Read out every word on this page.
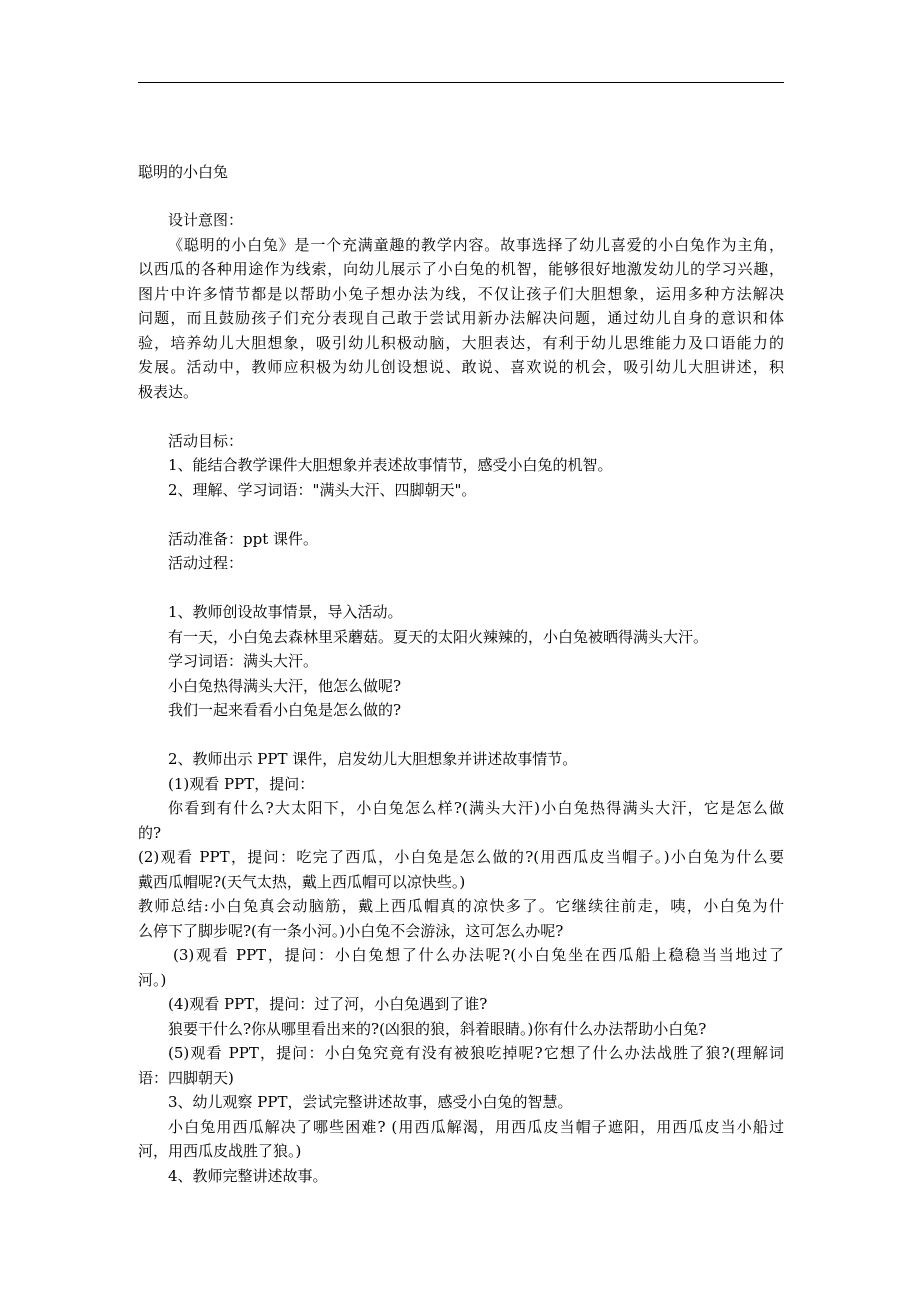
聪明的小白兔
设计意图：
《聪明的小白兔》是一个充满童趣的教学内容。故事选择了幼儿喜爱的小白兔作为主角，
以西瓜的各种用途作为线索，向幼儿展示了小白兔的机智，能够很好地激发幼儿的学习兴趣，
图片中许多情节都是以帮助小兔子想办法为线，不仅让孩子们大胆想象，运用多种方法解决
问题，而且鼓励孩子们充分表现自己敢于尝试用新办法解决问题，通过幼儿自身的意识和体
验，培养幼儿大胆想象，吸引幼儿积极动脑，大胆表达，有利于幼儿思维能力及口语能力的
发展。活动中，教师应积极为幼儿创设想说、敢说、喜欢说的机会，吸引幼儿大胆讲述，积
极表达。
活动目标：
1、能结合教学课件大胆想象并表述故事情节，感受小白兔的机智。
2、理解、学习词语："满头大汗、四脚朝天"。
活动准备：ppt 课件。
活动过程：
1、教师创设故事情景，导入活动。
有一天，小白兔去森林里采蘑菇。夏天的太阳火辣辣的，小白兔被晒得满头大汗。
学习词语：满头大汗。
小白兔热得满头大汗，他怎么做呢?
我们一起来看看小白兔是怎么做的?
2、教师出示 PPT 课件，启发幼儿大胆想象并讲述故事情节。
(1)观看 PPT，提问：
你看到有什么?大太阳下，小白兔怎么样?(满头大汗)小白兔热得满头大汗，它是怎么做
的?
(2)观看 PPT，提问：吃完了西瓜，小白兔是怎么做的?(用西瓜皮当帽子。)小白兔为什么要
戴西瓜帽呢?(天气太热，戴上西瓜帽可以凉快些。)
教师总结:小白兔真会动脑筋，戴上西瓜帽真的凉快多了。它继续往前走，咦，小白兔为什
么停下了脚步呢?(有一条小河。)小白兔不会游泳，这可怎么办呢?
(3)观看 PPT，提问：小白兔想了什么办法呢?(小白兔坐在西瓜船上稳稳当当地过了
河。)
(4)观看 PPT，提问：过了河，小白兔遇到了谁?
狼要干什么?你从哪里看出来的?(凶狠的狼，斜着眼睛。)你有什么办法帮助小白兔?
(5)观看 PPT，提问：小白兔究竟有没有被狼吃掉呢?它想了什么办法战胜了狼?(理解词
语：四脚朝天)
3、幼儿观察 PPT，尝试完整讲述故事，感受小白兔的智慧。
小白兔用西瓜解决了哪些困难? (用西瓜解渴，用西瓜皮当帽子遮阳，用西瓜皮当小船过
河，用西瓜皮战胜了狼。)
4、教师完整讲述故事。
